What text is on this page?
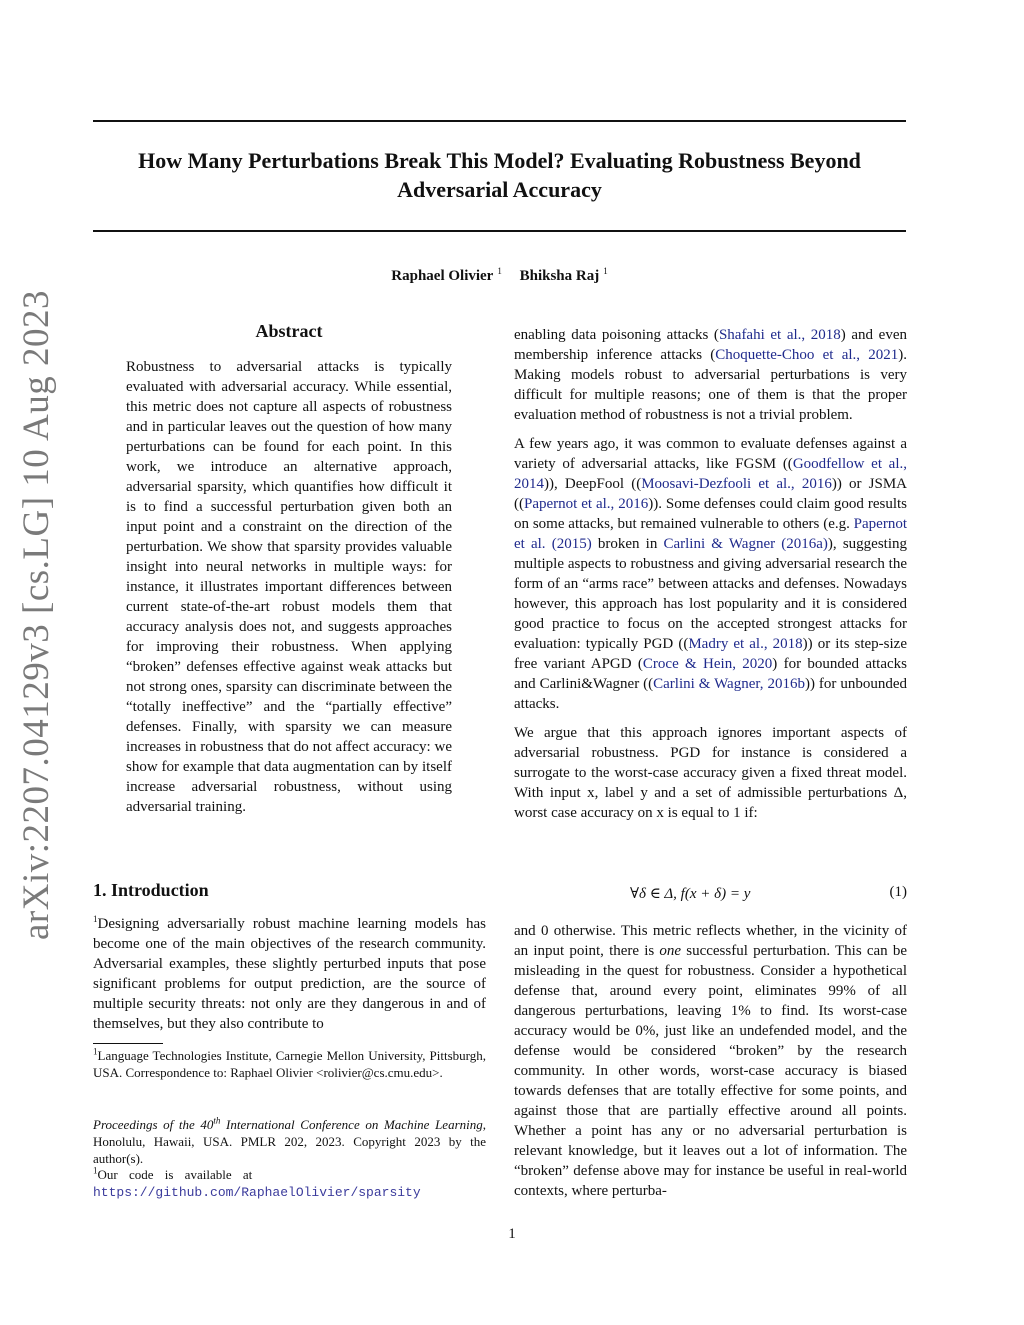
arXiv:2207.04129v3 [cs.LG] 10 Aug 2023
How Many Perturbations Break This Model? Evaluating Robustness Beyond Adversarial Accuracy
Raphael Olivier $^1$ Bhiksha Raj $^1$
Abstract

Robustness to adversarial attacks is typically evaluated with adversarial accuracy. While essential, this metric does not capture all aspects of robustness and in particular leaves out the question of how many perturbations can be found for each point. In this work, we introduce an alternative approach, adversarial sparsity, which quantifies how difficult it is to find a successful perturbation given both an input point and a constraint on the direction of the perturbation. We show that sparsity provides valuable insight into neural networks in multiple ways: for instance, it illustrates important differences between current state-of-the-art robust models them that accuracy analysis does not, and suggests approaches for improving their robustness. When applying “broken” defenses effective against weak attacks but not strong ones, sparsity can discriminate between the “totally ineffective” and the “partially effective” defenses. Finally, with sparsity we can measure increases in robustness that do not affect accuracy: we show for example that data augmentation can by itself increase adversarial robustness, without using adversarial training.

1. Introduction

$^1$Designing adversarially robust machine learning models has become one of the main objectives of the research community. Adversarial examples, these slightly perturbed inputs that pose significant problems for output prediction, are the source of multiple security threats: not only are they dangerous in and of themselves, but they also contribute to

$^1$Language Technologies Institute, Carnegie Mellon University, Pittsburgh, USA. Correspondence to: Raphael Olivier <rolivier@cs.cmu.edu>.

Proceedings of the 40th International Conference on Machine Learning, Honolulu, Hawaii, USA. PMLR 202, 2023. Copyright 2023 by the author(s).

$^1$Our code is available at https://github.com/RaphaelOlivier/sparsity

enabling data poisoning attacks (Shafahi et al., 2018) and even membership inference attacks (Choquette-Choo et al., 2021). Making models robust to adversarial perturbations is very difficult for multiple reasons; one of them is that the proper evaluation method of robustness is not a trivial problem.

A few years ago, it was common to evaluate defenses against a variety of adversarial attacks, like FGSM ((Goodfellow et al., 2014)), DeepFool ((Moosavi-Dezfooli et al., 2016)) or JSMA ((Papernot et al., 2016)). Some defenses could claim good results on some attacks, but remained vulnerable to others (e.g. Papernot et al. (2015) broken in Carlini & Wagner (2016a)), suggesting multiple aspects to robustness and giving adversarial research the form of an “arms race” between attacks and defenses. Nowadays however, this approach has lost popularity and it is considered good practice to focus on the accepted strongest attacks for evaluation: typically PGD ((Madry et al., 2018)) or its step-size free variant APGD (Croce & Hein, 2020) for bounded attacks and Carlini&Wagner ((Carlini & Wagner, 2016b)) for unbounded attacks.

We argue that this approach ignores important aspects of adversarial robustness. PGD for instance is considered a surrogate to the worst-case accuracy given a fixed threat model. With input x, label y and a set of admissible perturbations Δ, worst case accuracy on x is equal to 1 if:

∀δ ∈ Δ, f(x + δ) = y	(1)

and 0 otherwise. This metric reflects whether, in the vicinity of an input point, there is one successful perturbation. This can be misleading in the quest for robustness. Consider a hypothetical defense that, around every point, eliminates 99% of all dangerous perturbations, leaving 1% to find. Its worst-case accuracy would be 0%, just like an undefended model, and the defense would be considered “broken” by the research community. In other words, worst-case accuracy is biased towards defenses that are totally effective for some points, and against those that are partially effective around all points. Whether a point has any or no adversarial perturbation is relevant knowledge, but it leaves out a lot of information. The “broken” defense above may for instance be useful in real-world contexts, where perturba-

1
